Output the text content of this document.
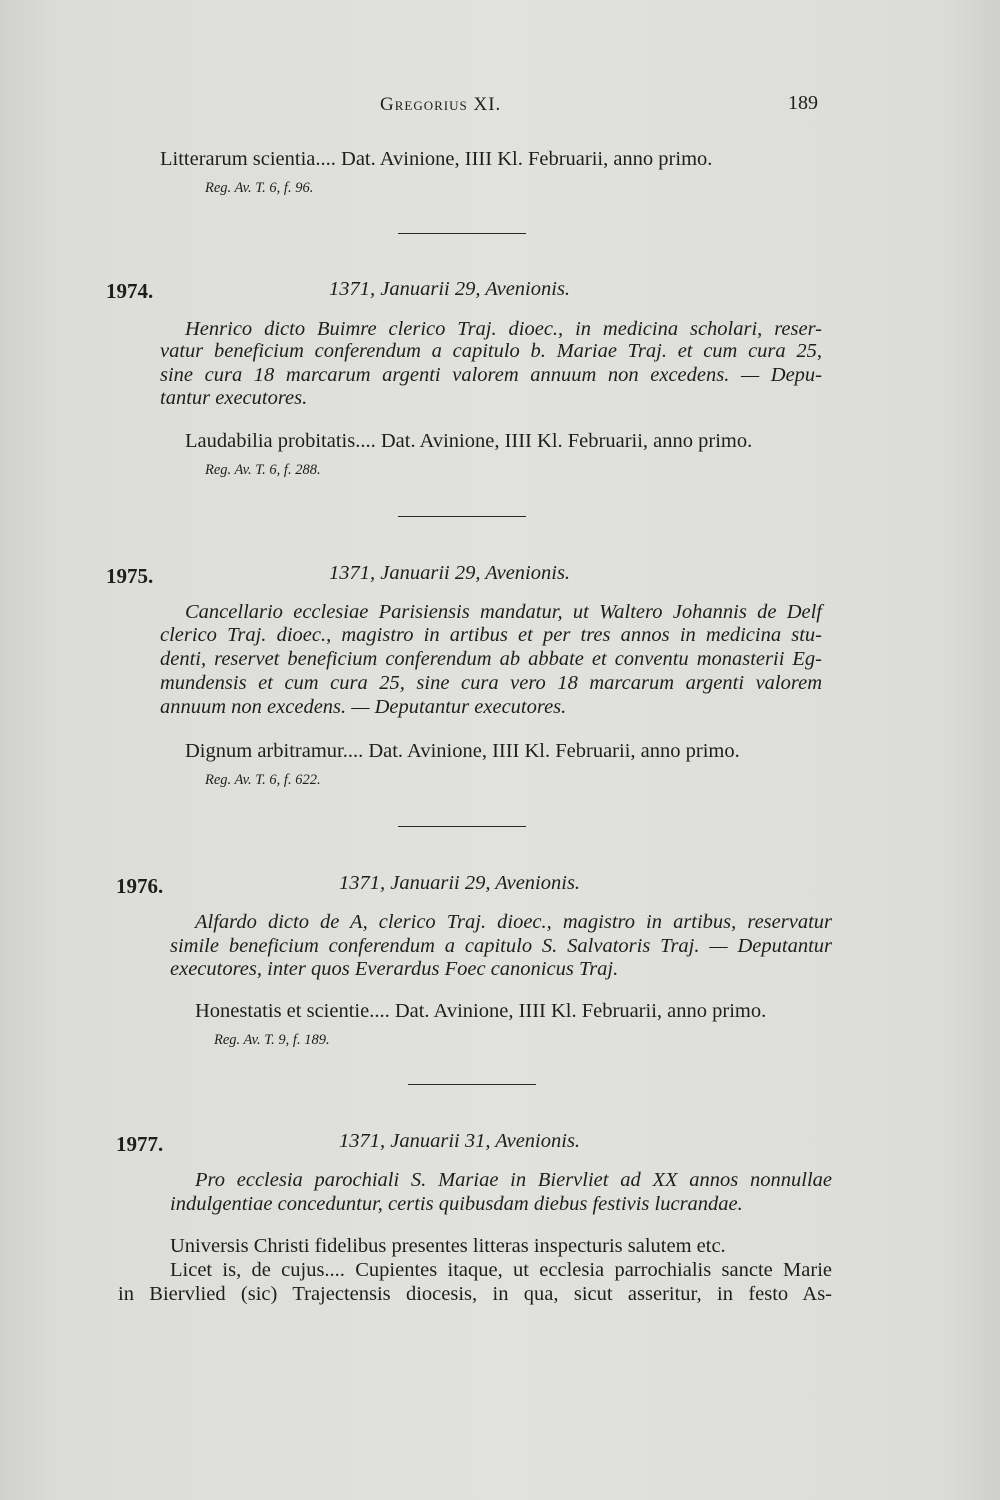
Gregorius XI.	189
Litterarum scientia.... Dat. Avinione, IIII Kl. Februarii, anno primo.
Reg. Av. T. 6, f. 96.
1974.	1371, Januarii 29, Avenionis.
Henrico dicto Buimre clerico Traj. dioec., in medicina scholari, reser-
vatur beneficium conferendum a capitulo b. Mariae Traj. et cum cura 25,
sine cura 18 marcarum argenti valorem annuum non excedens. — Depu-
tantur executores.
Laudabilia probitatis.... Dat. Avinione, IIII Kl. Februarii, anno primo.
Reg. Av. T. 6, f. 288.
1975.	1371, Januarii 29, Avenionis.
Cancellario ecclesiae Parisiensis mandatur, ut Waltero Johannis de Delf
clerico Traj. dioec., magistro in artibus et per tres annos in medicina stu-
denti, reservet beneficium conferendum ab abbate et conventu monasterii Eg-
mundensis et cum cura 25, sine cura vero 18 marcarum argenti valorem
annuum non excedens. — Deputantur executores.
Dignum arbitramur.... Dat. Avinione, IIII Kl. Februarii, anno primo.
Reg. Av. T. 6, f. 622.
1976.	1371, Januarii 29, Avenionis.
Alfardo dicto de A, clerico Traj. dioec., magistro in artibus, reservatur
simile beneficium conferendum a capitulo S. Salvatoris Traj. — Deputantur
executores, inter quos Everardus Foec canonicus Traj.
Honestatis et scientie.... Dat. Avinione, IIII Kl. Februarii, anno primo.
Reg. Av. T. 9, f. 189.
1977.	1371, Januarii 31, Avenionis.
Pro ecclesia parochiali S. Mariae in Biervliet ad XX annos nonnullae
indulgentiae conceduntur, certis quibusdam diebus festivis lucrandae.
Universis Christi fidelibus presentes litteras inspecturis salutem etc.
Licet is, de cujus.... Cupientes itaque, ut ecclesia parrochialis sancte Marie
in Biervlied (sic) Trajectensis diocesis, in qua, sicut asseritur, in festo As-
